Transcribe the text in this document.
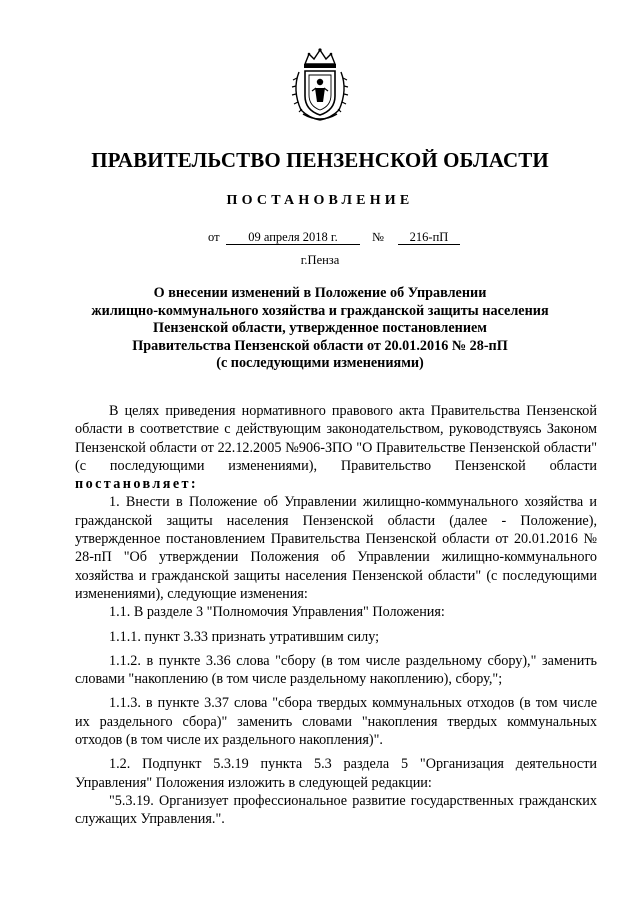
ПРАВИТЕЛЬСТВО ПЕНЗЕНСКОЙ ОБЛАСТИ
ПОСТАНОВЛЕНИЕ
от	09 апреля 2018 г.	№	216-пП
г.Пенза
О внесении изменений в Положение об Управлении
жилищно-коммунального хозяйства и гражданской защиты населения
Пензенской области, утвержденное постановлением
Правительства Пензенской области от 20.01.2016 № 28-пП
(с последующими изменениями)

В целях приведения нормативного правового акта Правительства Пензенской области в соответствие с действующим законодательством, руководствуясь Законом Пензенской области от 22.12.2005 №906-ЗПО "О Правительстве Пензенской области" (с последующими изменениями), Правительство Пензенской области постановляет:

1. Внести в Положение об Управлении жилищно-коммунального хозяйства и гражданской защиты населения Пензенской области (далее - Положение), утвержденное постановлением Правительства Пензенской области от 20.01.2016 № 28-пП "Об утверждении Положения об Управлении жилищно-коммунального хозяйства и гражданской защиты населения Пензенской области" (с последующими изменениями), следующие изменения:

1.1. В разделе 3 "Полномочия Управления" Положения:

1.1.1. пункт 3.33 признать утратившим силу;

1.1.2. в пункте 3.36 слова "сбору (в том числе раздельному сбору)," заменить словами "накоплению (в том числе раздельному накоплению), сбору,";

1.1.3. в пункте 3.37 слова "сбора твердых коммунальных отходов (в том числе их раздельного сбора)" заменить словами "накопления твердых коммунальных отходов (в том числе их раздельного накопления)".

1.2. Подпункт 5.3.19 пункта 5.3 раздела 5 "Организация деятельности Управления" Положения изложить в следующей редакции:

"5.3.19. Организует профессиональное развитие государственных гражданских служащих Управления.".
